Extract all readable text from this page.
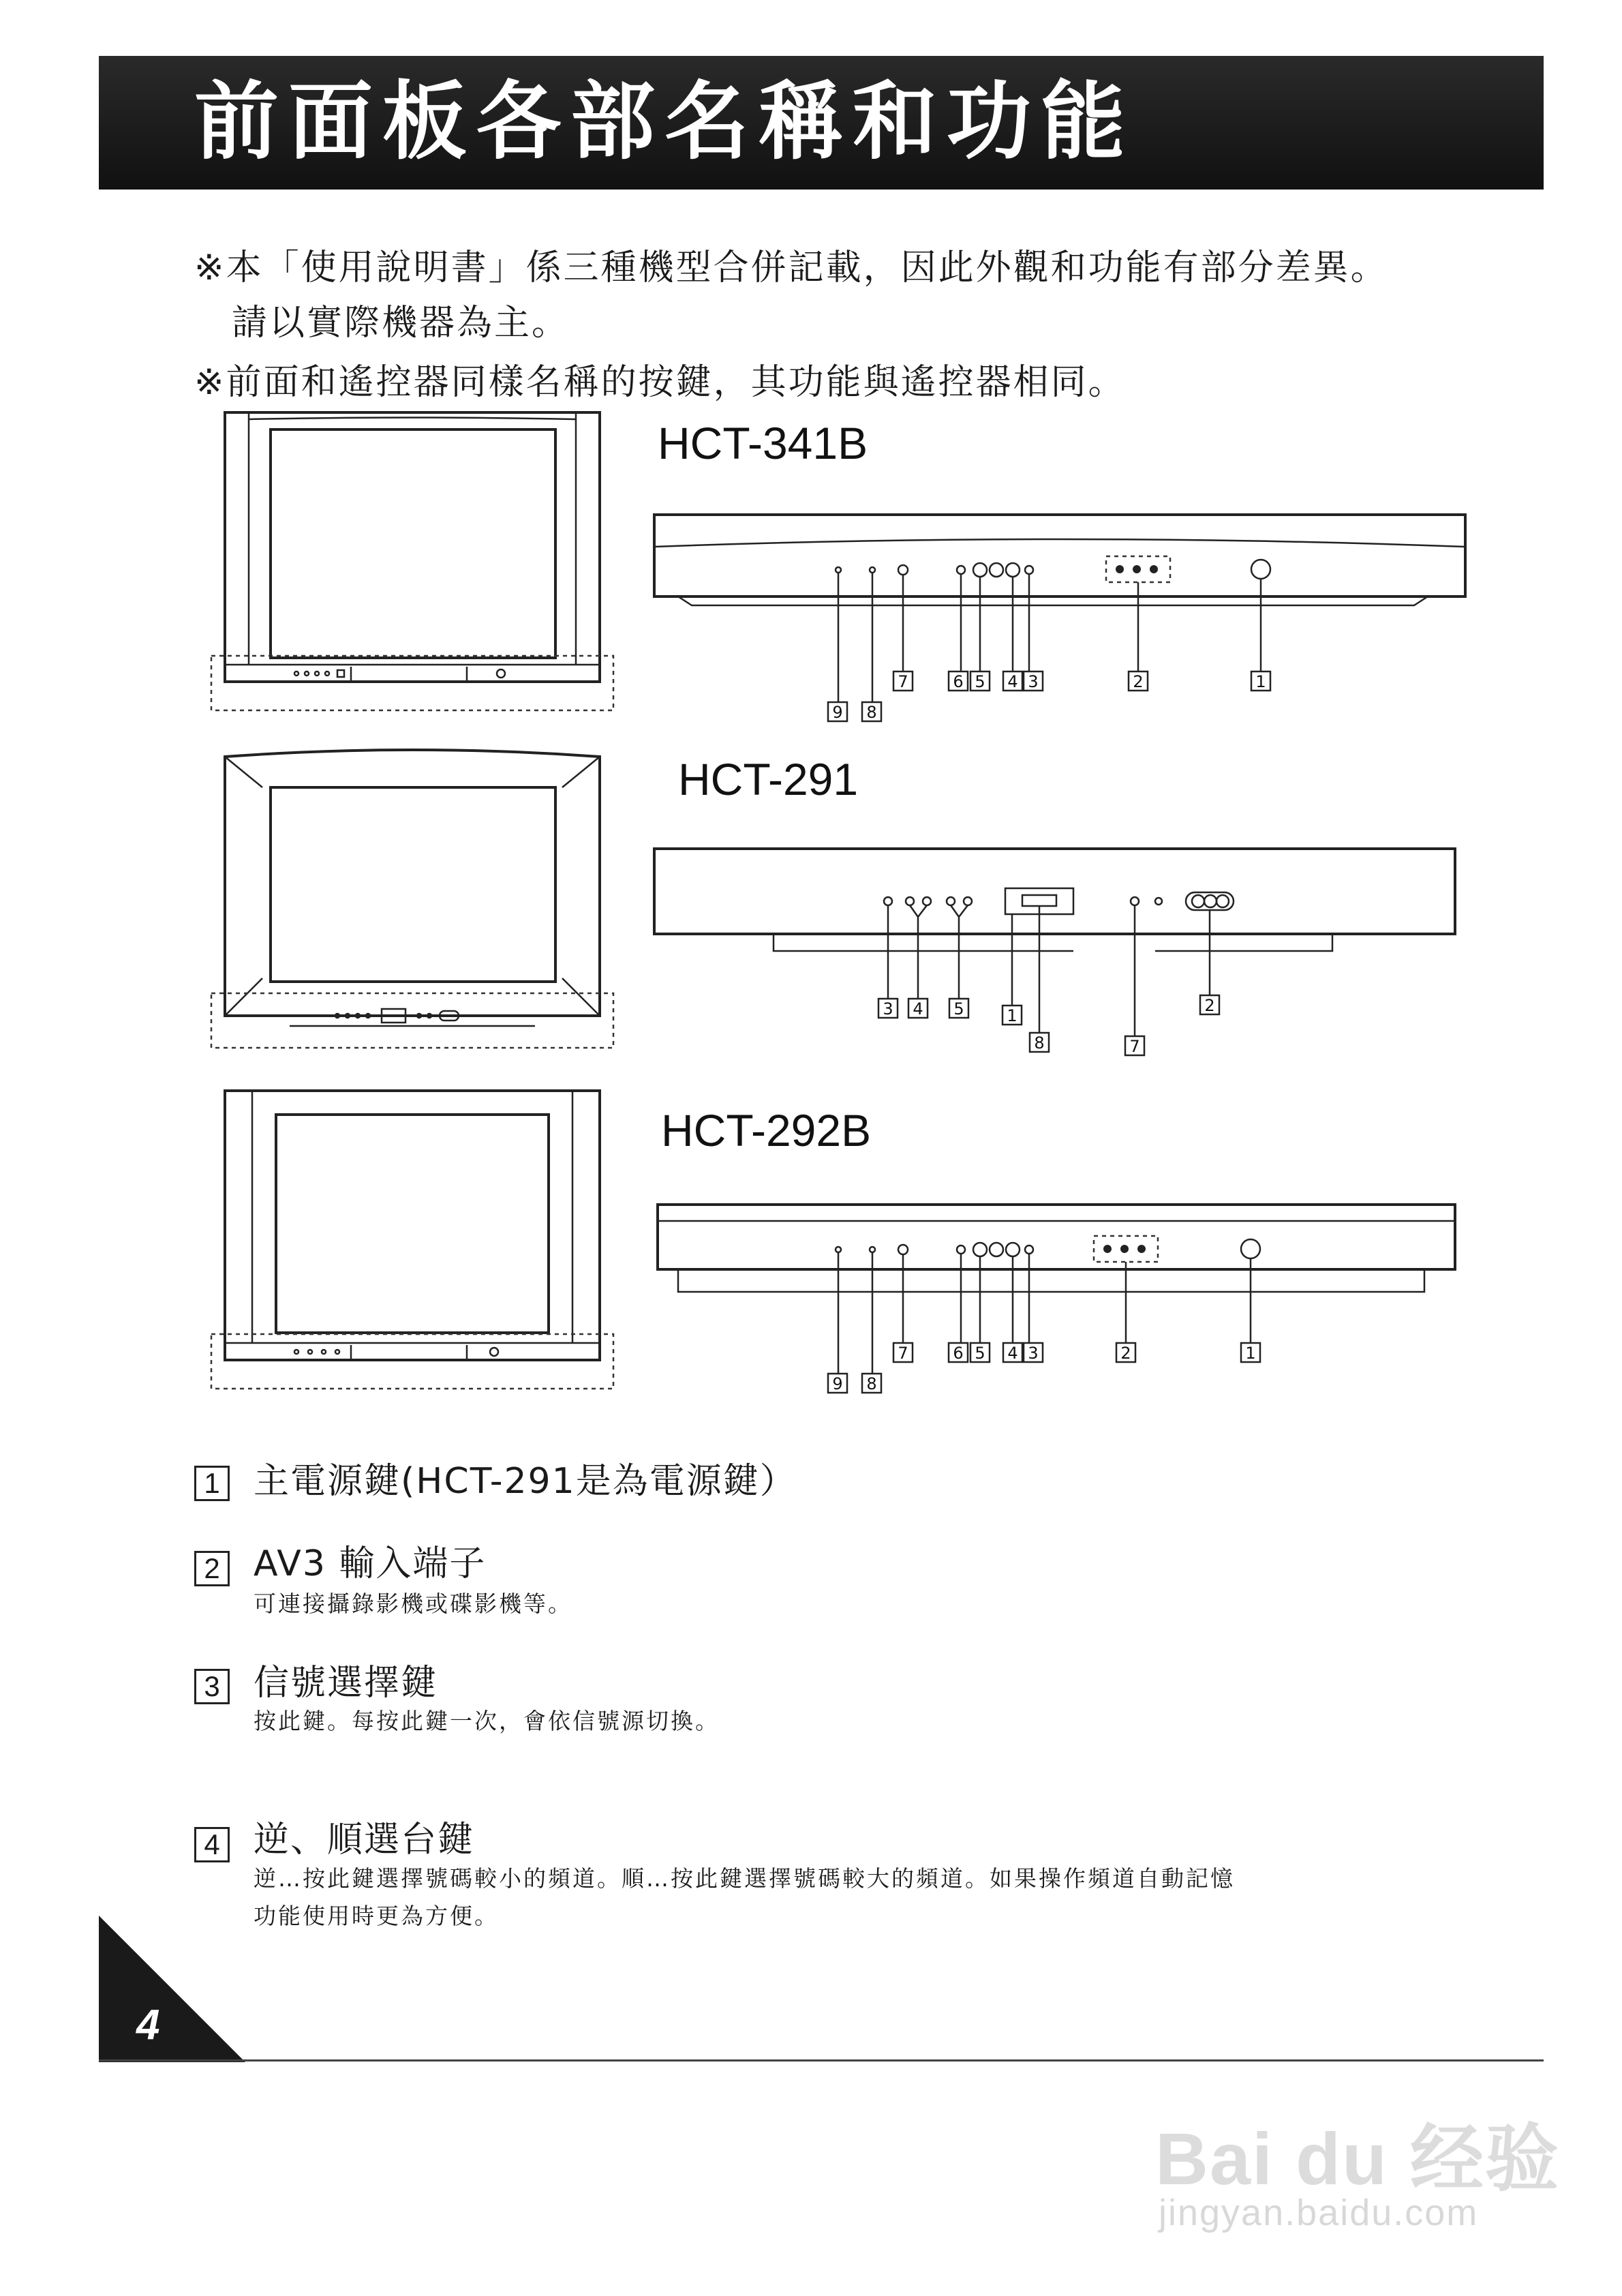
前面板各部名稱和功能
※本「使用說明書」係三種機型合併記載，因此外觀和功能有部分差異。
請以實際機器為主。
※前面和遙控器同樣名稱的按鍵，其功能與遙控器相同。
HCT-341B
9 8
7	6 5 4 3	2	1
HCT-291
3 4 5	1
8	7
2
HCT-292B
9 8
7	6 5 4 3	2	1
1 主電源鍵(HCT-291是為電源鍵）
2 AV3 輸入端子
可連接攝錄影機或碟影機等。
3 信號選擇鍵
按此鍵。每按此鍵一次，會依信號源切換。
4 逆、順選台鍵
逆…按此鍵選擇號碼較小的頻道。順…按此鍵選擇號碼較大的頻道。如果操作頻道自動記憶
功能使用時更為方便。
4
Bai du 经验
jingyan.baidu.com
